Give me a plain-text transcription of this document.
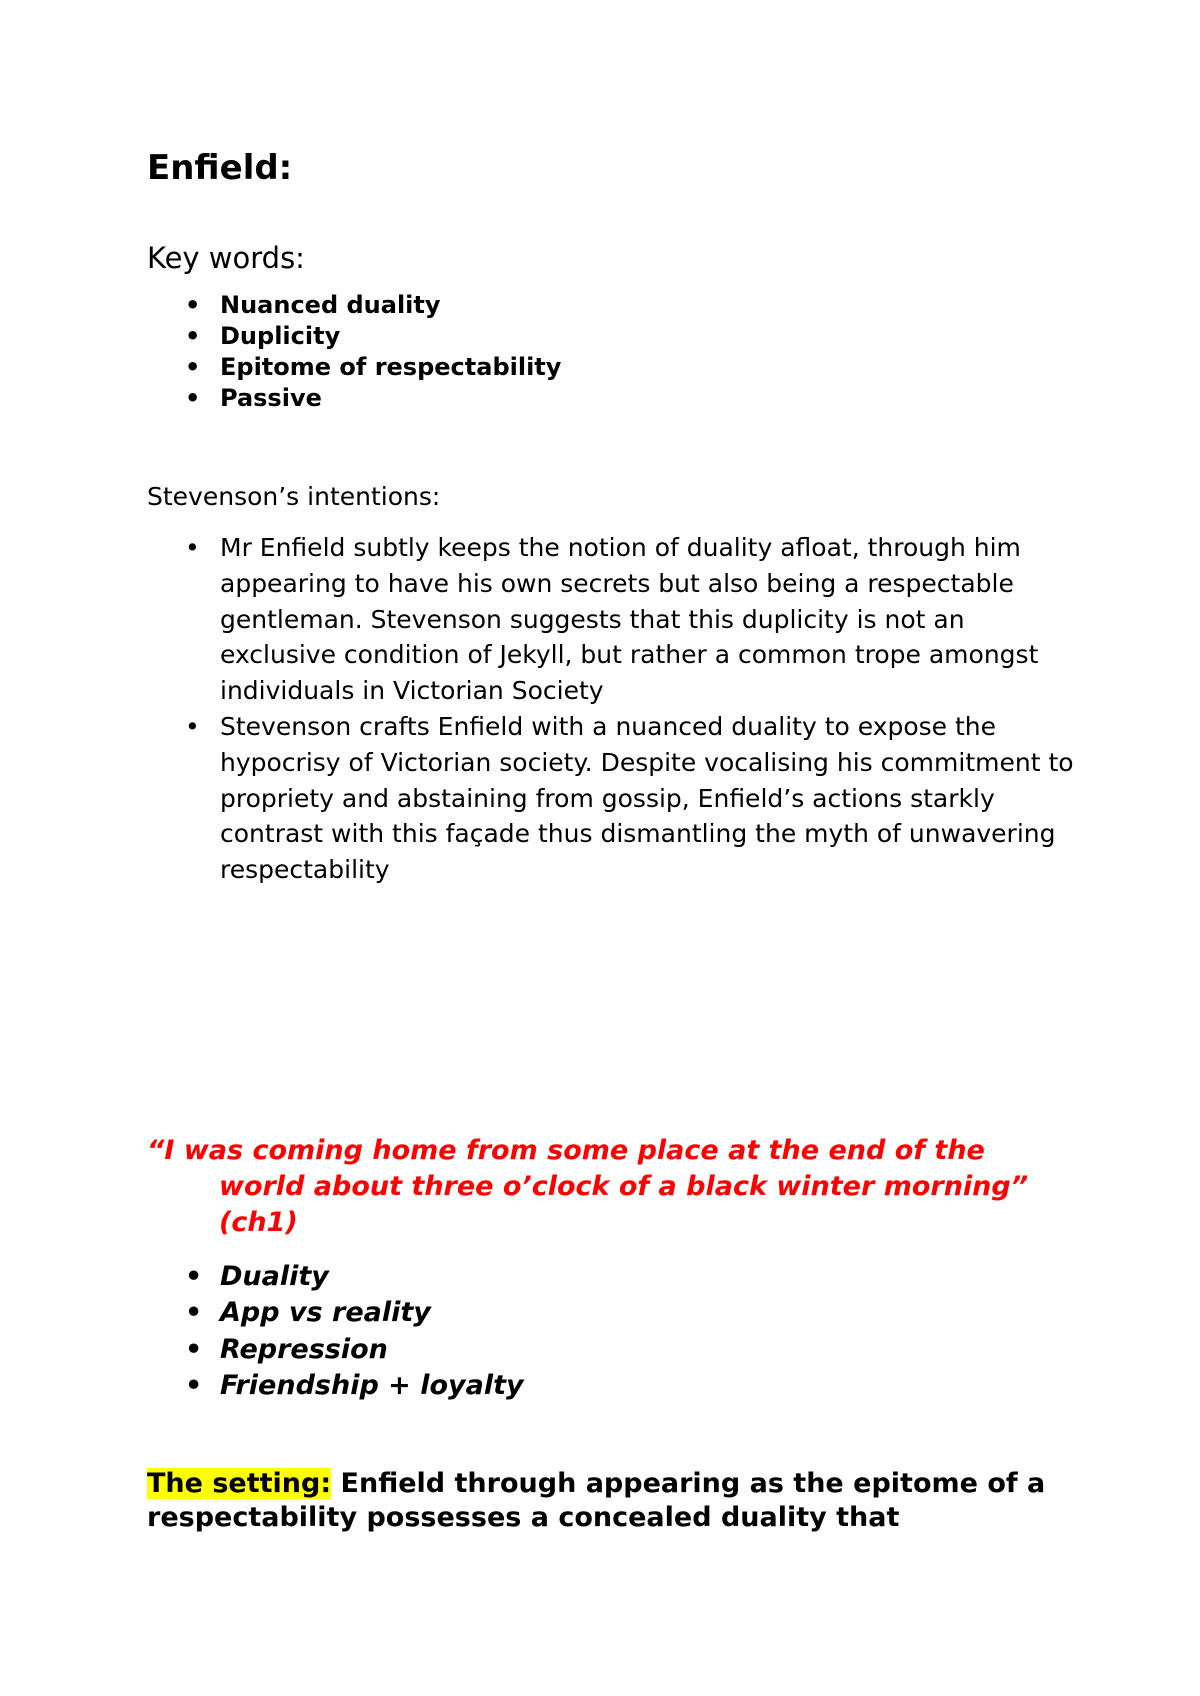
Enfield:
Key words:
• Nuanced duality
• Duplicity
• Epitome of respectability
• Passive
Stevenson’s intentions:
• Mr Enfield subtly keeps the notion of duality afloat, through him appearing to have his own secrets but also being a respectable gentleman. Stevenson suggests that this duplicity is not an exclusive condition of Jekyll, but rather a common trope amongst individuals in Victorian Society
• Stevenson crafts Enfield with a nuanced duality to expose the hypocrisy of Victorian society. Despite vocalising his commitment to propriety and abstaining from gossip, Enfield’s actions starkly contrast with this façade thus dismantling the myth of unwavering respectability

“I was coming home from some place at the end of the world about three o’clock of a black winter morning” (ch1)

• Duality
• App vs reality
• Repression
• Friendship + loyalty

The setting: Enfield through appearing as the epitome of a respectability possesses a concealed duality that
